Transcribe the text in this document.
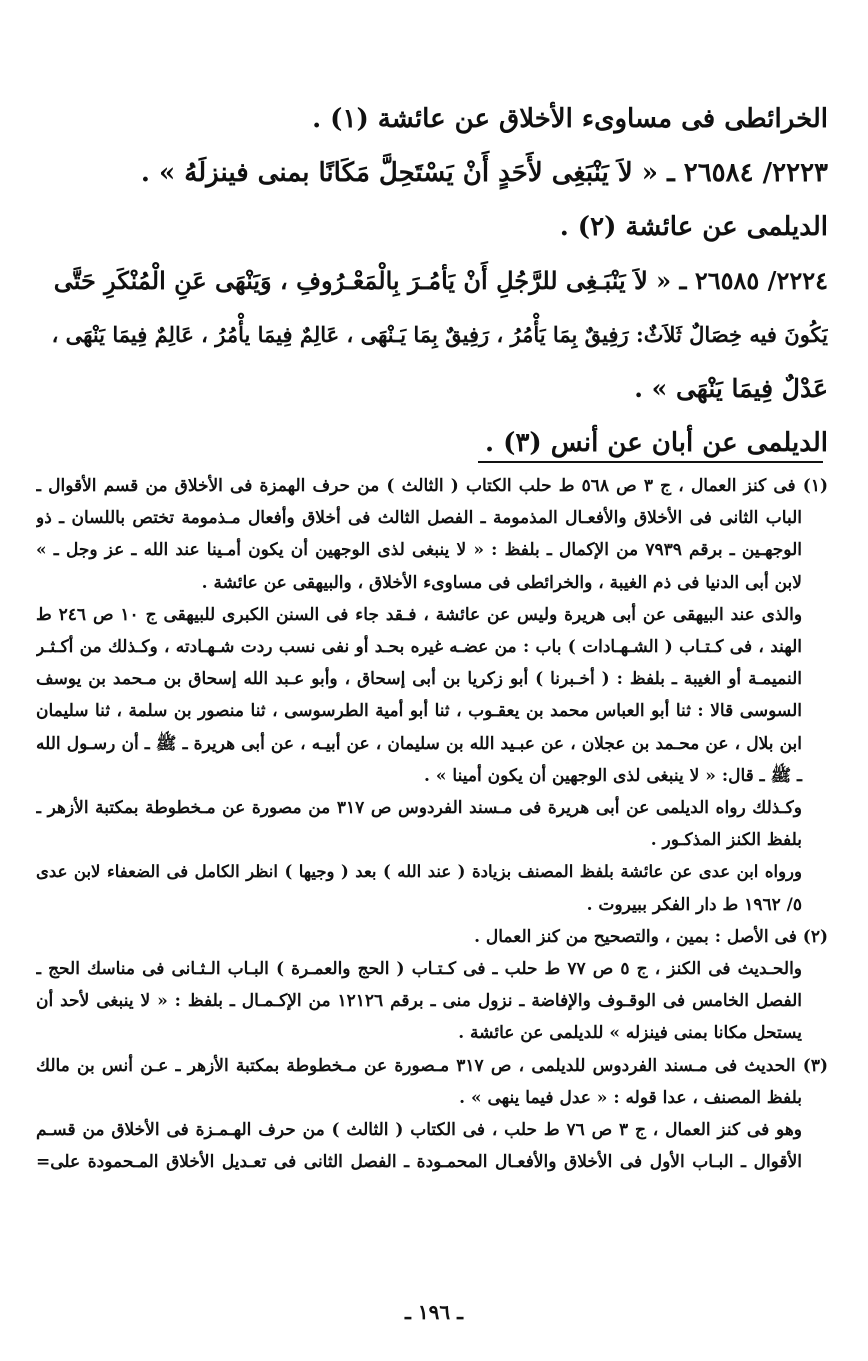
الخرائطى فى مساوىء الأخلاق عن عائشة (١) .
٢٢٢٣/ ٢٦٥٨٤ ـ « لاَ يَنْبَغِى لأَحَدٍ أَنْ يَسْتَحِلَّ مَكَانًا بمنى فينزلَهُ » .
الديلمى عن عائشة (٢) .
٢٢٢٤/ ٢٦٥٨٥ ـ « لاَ يَنْبَـغِى للرَّجُلِ أَنْ يَأمُـرَ بِالْمَعْـرُوفِ ، وَيَنْهَى عَنِ الْمُنْكَرِ حَتَّى
يَكُونَ فيه خِصَالٌ ثَلاَثٌ: رَفِيقٌ بِمَا يَأْمُرُ ، رَفِيقٌ بِمَا يَـنْهَى ، عَالِمٌ فِيمَا يأْمُرُ ، عَالِمٌ فِيمَا يَنْهَى ،
عَدْلٌ فِيمَا يَنْهَى » .
الديلمى عن أبان عن أنس (٣) .
(١) فى كنز العمال ، ج ٣ ص ٥٦٨ ط حلب الكتاب ( الثالث ) من حرف الهمزة فى الأخلاق من قسم الأقوال ـ
الباب الثانى فى الأخلاق والأفعـال المذمومة ـ الفصل الثالث فى أخلاق وأفعال مـذمومة تختص باللسان ـ ذو
الوجهـين ـ برقم ٧٩٣٩ من الإكمال ـ بلفظ : « لا ينبغى لذى الوجهين أن يكون أمـينا عند الله ـ عز وجل ـ »
لابن أبى الدنيا فى ذم الغيبة ، والخرائطى فى مساوىء الأخلاق ، والبيهقى عن عائشة .
والذى عند البيهقى عن أبى هريرة وليس عن عائشة ، فـقد جاء فى السنن الكبرى للبيهقى ج ١٠ ص ٢٤٦ ط
الهند ، فى كـتـاب ( الشـهـادات ) باب : من عضـه غيره بحـد أو نفى نسب ردت شـهـادته ، وكـذلك من أكـثـر
النميمـة أو الغيبة ـ بلفظ : ( أخـبرنا ) أبو زكريا بن أبى إسحاق ، وأبو عـبد الله إسحاق بن مـحمد بن يوسف
السوسى قالا : ثنا أبو العباس محمد بن يعقـوب ، ثنا أبو أمية الطرسوسى ، ثنا منصور بن سلمة ، ثنا سليمان
ابن بلال ، عن محـمد بن عجلان ، عن عبـيد الله بن سليمان ، عن أبيـه ، عن أبى هريرة ـ ﷺ ـ أن رسـول الله
ـ ﷺ ـ قال: « لا ينبغى لذى الوجهين أن يكون أمينا » .
وكـذلك رواه الديلمى عن أبى هريرة فى مـسند الفردوس ص ٣١٧ من مصورة عن مـخطوطة بمكتبة الأزهر ـ
بلفظ الكنز المذكـور .
ورواه ابن عدى عن عائشة بلفظ المصنف بزيادة ( عند الله ) بعد ( وجيها ) انظر الكامل فى الضعفاء لابن عدى
٥/ ١٩٦٢ ط دار الفكر ببيروت .
(٢) فى الأصل : بمين ، والتصحيح من كنز العمال .
والحـديث فى الكنز ، ج ٥ ص ٧٧ ط حلب ـ فى كـتـاب ( الحج والعمـرة ) البـاب الـثـانى فى مناسك الحج ـ
الفصل الخامس فى الوقـوف والإفاضة ـ نزول منى ـ برقم ١٢١٢٦ من الإكـمـال ـ بلفظ : « لا ينبغى لأحد أن
يستحل مكانا بمنى فينزله » للديلمى عن عائشة .
(٣) الحديث فى مـسند الفردوس للديلمى ، ص ٣١٧ مـصورة عن مـخطوطة بمكتبة الأزهر ـ عـن أنس بن مالك
بلفظ المصنف ، عدا قوله : « عدل فيما ينهى » .
وهو فى كنز العمال ، ج ٣ ص ٧٦ ط حلب ، فى الكتاب ( الثالث ) من حرف الهـمـزة فى الأخلاق من قسـم
الأقوال ـ البـاب الأول فى الأخلاق والأفعـال المحمـودة ـ الفصل الثانى فى تعـديل الأخلاق المـحمودة على=
ـ ١٩٦ ـ
